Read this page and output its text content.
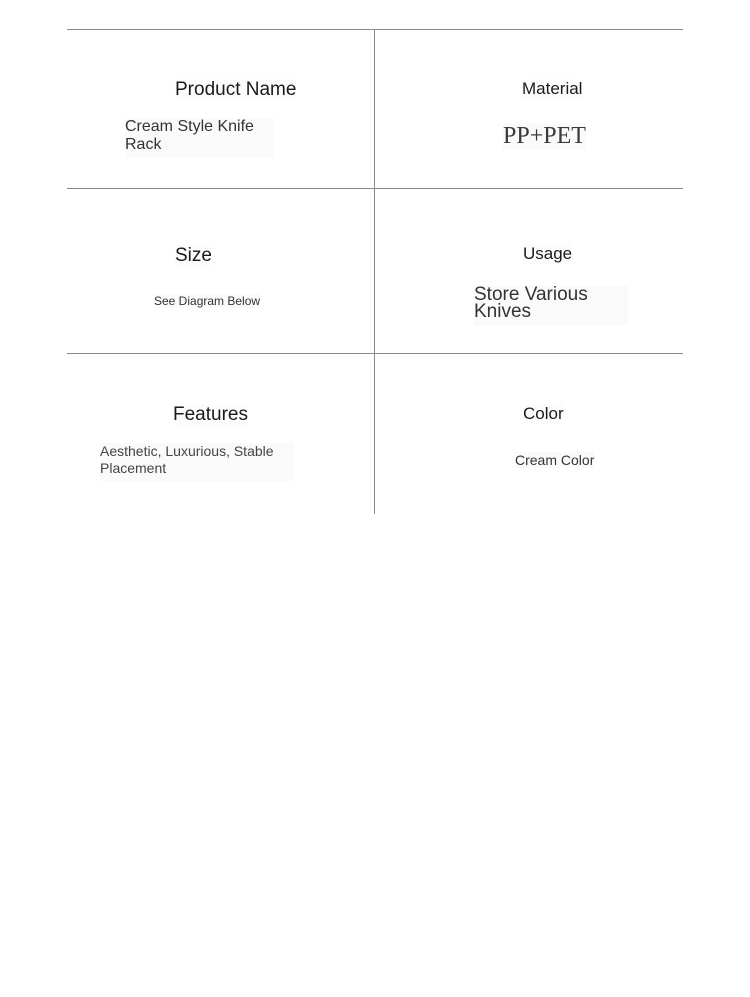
Product Name
Cream Style Knife
Rack
Material
PP+PET
Size
See Diagram Below
Usage
Store Various
Knives
Features
Aesthetic, Luxurious, Stable
Placement
Color
Cream Color
